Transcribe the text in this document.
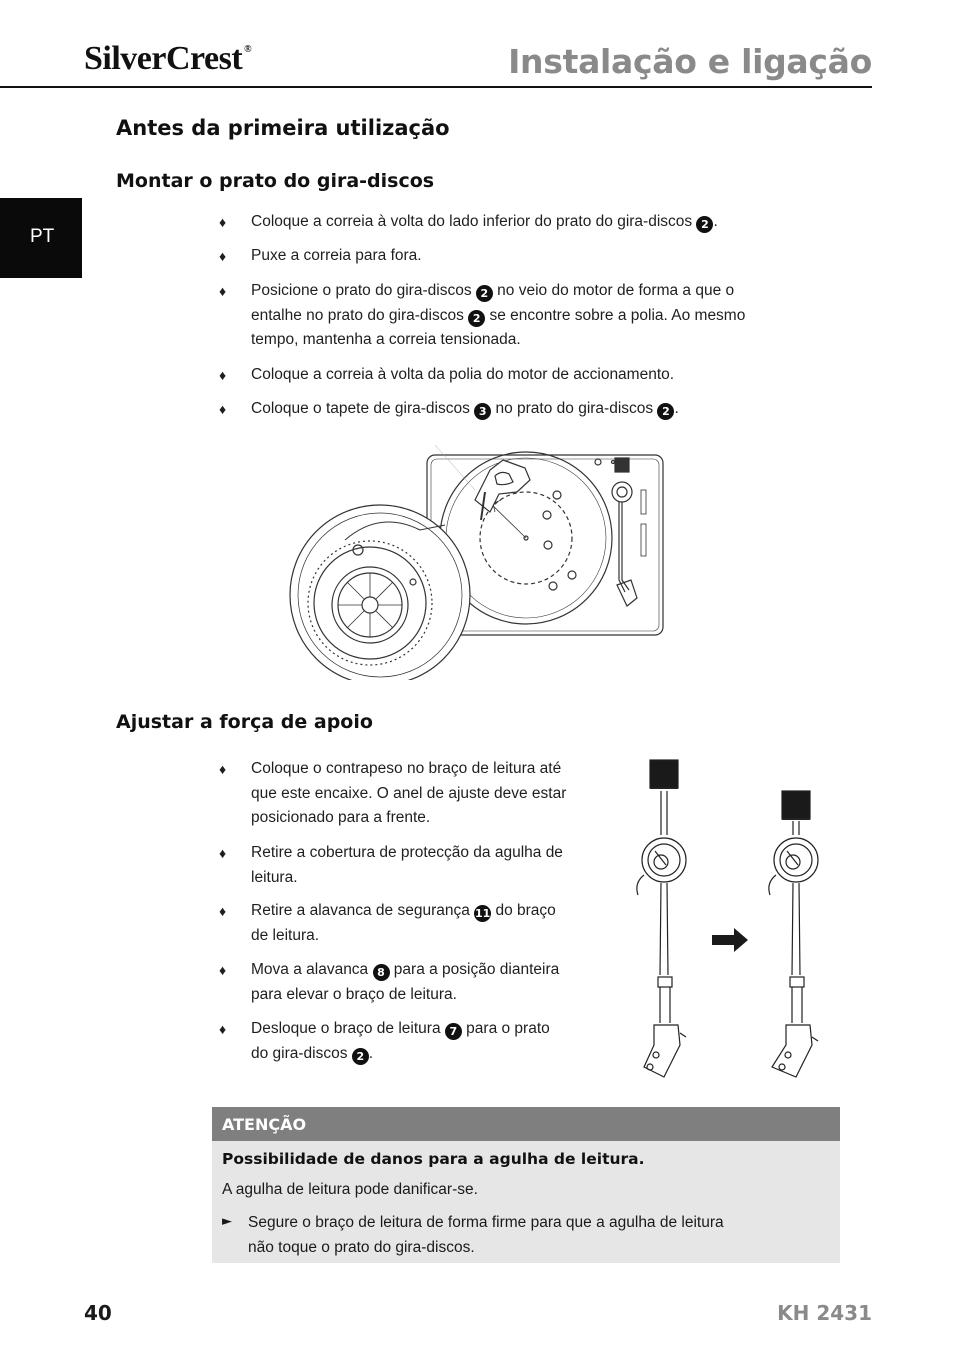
SilverCrest ®	Instalação e ligação
PT
Antes da primeira utilização
Montar o prato do gira-discos
♦ Coloque a correia à volta do lado inferior do prato do gira-discos 2 .
♦ Puxe a correia para fora.
♦ Posicione o prato do gira-discos 2 no veio do motor de forma a que o
entalhe no prato do gira-discos 2 se encontre sobre a polia. Ao mesmo
tempo, mantenha a correia tensionada.
♦ Coloque a correia à volta da polia do motor de accionamento.
♦ Coloque o tapete de gira-discos 3 no prato do gira-discos 2 .
Ajustar a força de apoio
♦ Coloque o contrapeso no braço de leitura até
que este encaixe. O anel de ajuste deve estar
posicionado para a frente.
♦ Retire a cobertura de protecção da agulha de
leitura.
♦ Retire a alavanca de segurança 11 do braço
de leitura.
♦ Mova a alavanca 8 para a posição dianteira
para elevar o braço de leitura.
♦ Desloque o braço de leitura 7 para o prato
do gira-discos 2 .
ATENÇÃO
Possibilidade de danos para a agulha de leitura.
A agulha de leitura pode danificar-se.
► Segure o braço de leitura de forma firme para que a agulha de leitura
não toque o prato do gira-discos.
40	KH 2431
